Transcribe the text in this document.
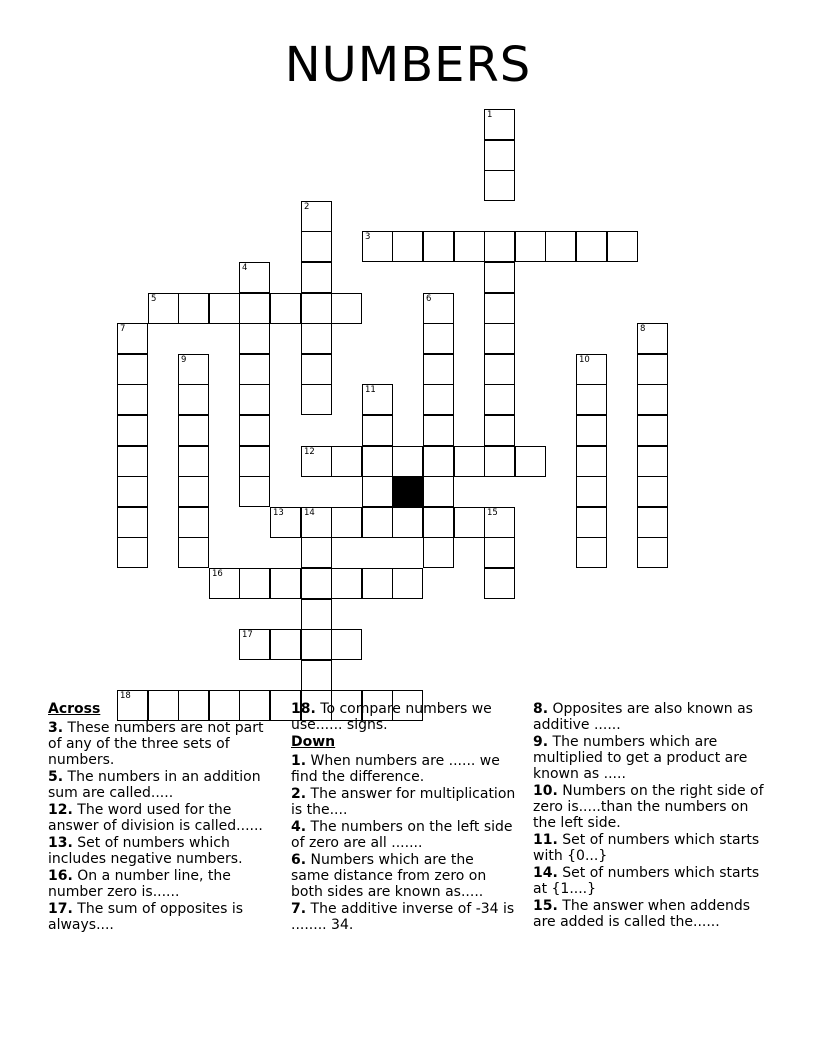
NUMBERS
1
2
3
4
5	6
7	8
9	10
11
12
13 14	15
16
17
18
Across
3. These numbers are not part of any of the three sets of numbers.
5. The numbers in an addition sum are called.....
12. The word used for the answer of division is called......
13. Set of numbers which includes negative numbers.
16. On a number line, the number zero is......
17. The sum of opposites is always....
18. To compare numbers we use...... signs.
Down
1. When numbers are ...... we find the difference.
2. The answer for multiplication is the....
4. The numbers on the left side of zero are all .......
6. Numbers which are the same distance from zero on both sides are known as.....
7. The additive inverse of -34 is ........ 34.
8. Opposites are also known as additive ......
9. The numbers which are multiplied to get a product are known as .....
10. Numbers on the right side of zero is.....than the numbers on the left side.
11. Set of numbers which starts with {0...}
14. Set of numbers which starts at {1....}
15. The answer when addends are added is called the......
